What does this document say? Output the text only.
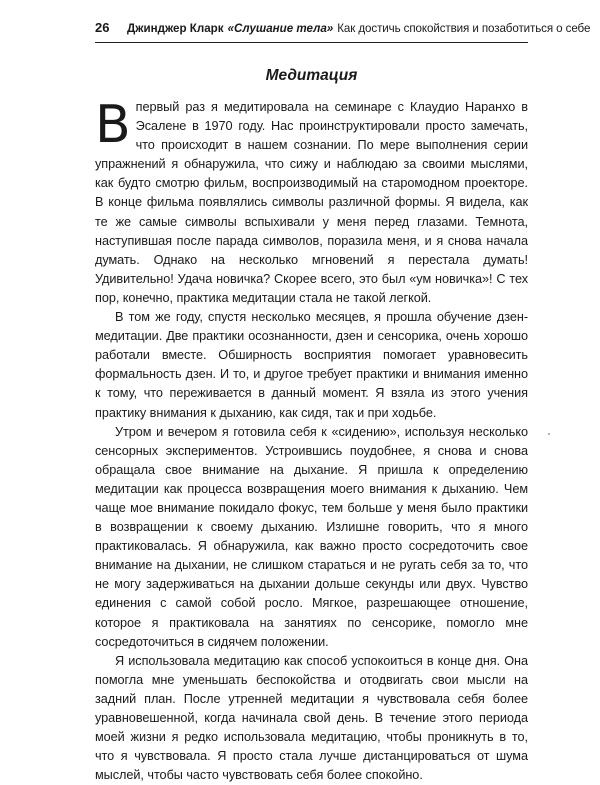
26	Джинджер Кларк «Слушание тела» Как достичь спокойствия и позаботиться о себе
Медитация

Впервый раз я медитировала на семинаре с Клаудио Наранхо в Эсалене в 1970 году. Нас проинструктировали просто замечать, что происходит в нашем сознании. По мере выполнения серии упражнений я обнаружила, что сижу и наблюдаю за своими мыслями, как будто смотрю фильм, воспроизводимый на старомодном проекторе. В конце фильма появлялись символы различной формы. Я видела, как те же самые символы вспыхивали у меня перед глазами. Темнота, наступившая после парада символов, поразила меня, и я снова начала думать. Однако на несколько мгновений я перестала думать! Удивительно! Удача новичка? Скорее всего, это был «ум новичка»! С тех пор, конечно, практика медитации стала не такой легкой.

В том же году, спустя несколько месяцев, я прошла обучение дзен-медитации. Две практики осознанности, дзен и сенсорика, очень хорошо работали вместе. Обширность восприятия помогает уравновесить формальность дзен. И то, и другое требует практики и внимания именно к тому, что переживается в данный момент. Я взяла из этого учения практику внимания к дыханию, как сидя, так и при ходьбе.

Утром и вечером я готовила себя к «сидению», используя несколько сенсорных экспериментов. Устроившись поудобнее, я снова и снова обращала свое внимание на дыхание. Я пришла к определению медитации как процесса возвращения моего внимания к дыханию. Чем чаще мое внимание покидало фокус, тем больше у меня было практики в возвращении к своему дыханию. Излишне говорить, что я много практиковалась. Я обнаружила, как важно просто сосредоточить свое внимание на дыхании, не слишком стараться и не ругать себя за то, что не могу задерживаться на дыхании дольше секунды или двух. Чувство единения с самой собой росло. Мягкое, разрешающее отношение, которое я практиковала на занятиях по сенсорике, помогло мне сосредоточиться в сидячем положении.

Я использовала медитацию как способ успокоиться в конце дня. Она помогла мне уменьшать беспокойства и отодвигать свои мысли на задний план. После утренней медитации я чувствовала себя более уравновешенной, когда начинала свой день. В течение этого периода моей жизни я редко использовала медитацию, чтобы проникнуть в то, что я чувствовала. Я просто стала лучше дистанцироваться от шума мыслей, чтобы часто чувствовать себя более спокойно.
